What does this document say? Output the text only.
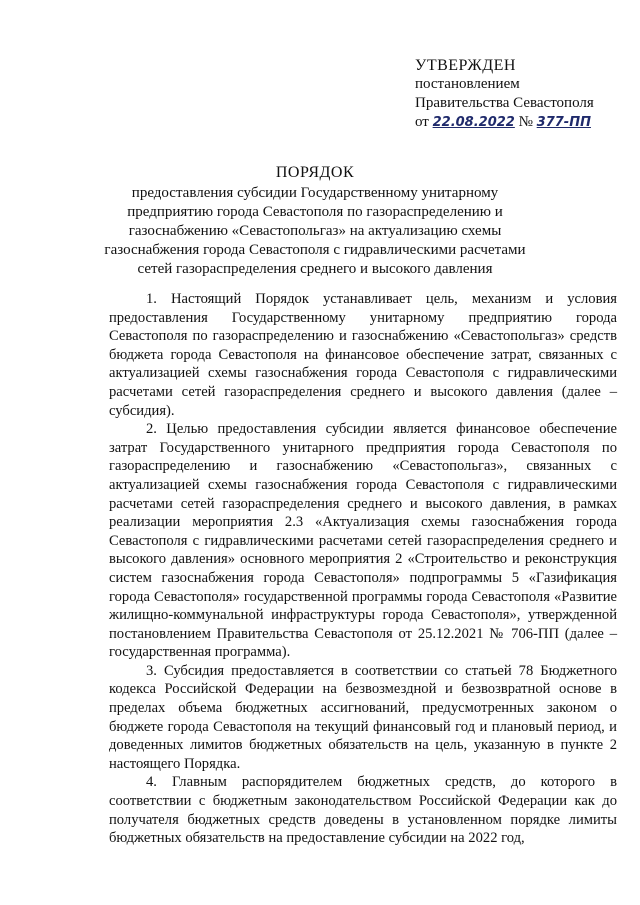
УТВЕРЖДЕН
постановлением
Правительства Севастополя
от 22.08.2022 № 377-ПП
ПОРЯДОК
предоставления субсидии Государственному унитарному предприятию города Севастополя по газораспределению и газоснабжению «Севастопольгаз» на актуализацию схемы газоснабжения города Севастополя с гидравлическими расчетами сетей газораспределения среднего и высокого давления

1. Настоящий Порядок устанавливает цель, механизм и условия предоставления Государственному унитарному предприятию города Севастополя по газораспределению и газоснабжению «Севастопольгаз» средств бюджета города Севастополя на финансовое обеспечение затрат, связанных с актуализацией схемы газоснабжения города Севастополя с гидравлическими расчетами сетей газораспределения среднего и высокого давления (далее – субсидия).

2. Целью предоставления субсидии является финансовое обеспечение затрат Государственного унитарного предприятия города Севастополя по газораспределению и газоснабжению «Севастопольгаз», связанных с актуализацией схемы газоснабжения города Севастополя с гидравлическими расчетами сетей газораспределения среднего и высокого давления, в рамках реализации мероприятия 2.3 «Актуализация схемы газоснабжения города Севастополя с гидравлическими расчетами сетей газораспределения среднего и высокого давления» основного мероприятия 2 «Строительство и реконструкция систем газоснабжения города Севастополя» подпрограммы 5 «Газификация города Севастополя» государственной программы города Севастополя «Развитие жилищно-коммунальной инфраструктуры города Севастополя», утвержденной постановлением Правительства Севастополя от 25.12.2021 № 706-ПП (далее – государственная программа).

3. Субсидия предоставляется в соответствии со статьей 78 Бюджетного кодекса Российской Федерации на безвозмездной и безвозвратной основе в пределах объема бюджетных ассигнований, предусмотренных законом о бюджете города Севастополя на текущий финансовый год и плановый период, и доведенных лимитов бюджетных обязательств на цель, указанную в пункте 2 настоящего Порядка.

4. Главным распорядителем бюджетных средств, до которого в соответствии с бюджетным законодательством Российской Федерации как до получателя бюджетных средств доведены в установленном порядке лимиты бюджетных обязательств на предоставление субсидии на 2022 год,
